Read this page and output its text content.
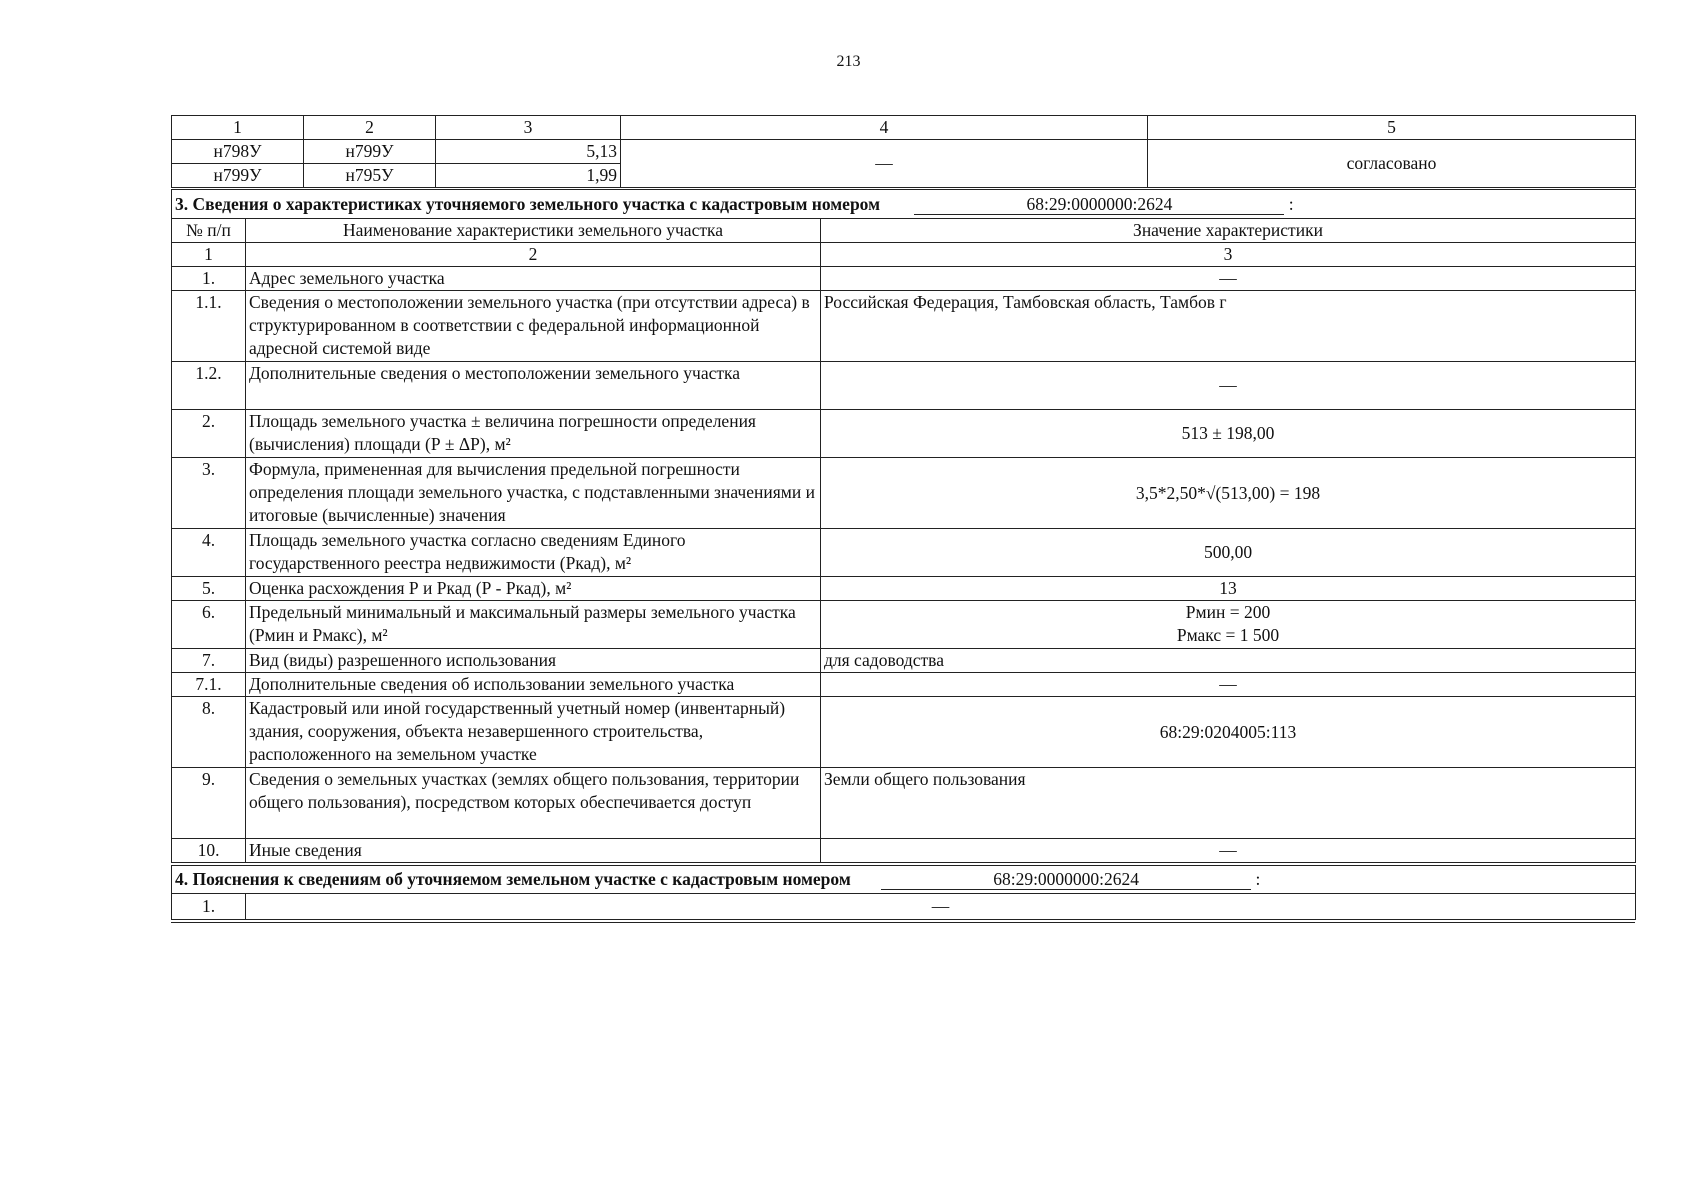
213
1	2	3	4	5
н798У	н799У	5,13	—	согласовано
н799У	н795У	1,99		
3. Сведения о характеристиках уточняемого земельного участка с кадастровым номером 68:29:0000000:2624 :		
№ п/п	Наименование характеристики земельного участка	Значение характеристики
1	2	3
1.	Адрес земельного участка	—
1.1.	Сведения о местоположении земельного участка (при отсутствии адреса) в структурированном в соответствии с федеральной информационной адресной системой виде	Российская Федерация, Тамбовская область, Тамбов г
1.2.	Дополнительные сведения о местоположении земельного участка	—
2.	Площадь земельного участка ± величина погрешности определения (вычисления) площади (Р ± ΔР), м²	513 ± 198,00
3.	Формула, примененная для вычисления предельной погрешности определения площади земельного участка, с подставленными значениями и итоговые (вычисленные) значения	3,5*2,50*√(513,00) = 198
4.	Площадь земельного участка согласно сведениям Единого государственного реестра недвижимости (Ркад), м²	500,00
5.	Оценка расхождения Р и Ркад (Р - Ркад), м²	13
6.	Предельный минимальный и максимальный размеры земельного участка (Рмин и Рмакс), м²	Рмин = 200
Рмакс = 1 500

7.	Вид (виды) разрешенного использования	для садоводства
7.1.	Дополнительные сведения об использовании земельного участка	—
8.	Кадастровый или иной государственный учетный номер (инвентарный) здания, сооружения, объекта незавершенного строительства, расположенного на земельном участке	68:29:0204005:113
9.	Сведения о земельных участках (землях общего пользования, территории общего пользования), посредством которых обеспечивается доступ	Земли общего пользования
10.	Иные сведения	—
4. Пояснения к сведениям об уточняемом земельном участке с кадастровым номером	68:29:0000000:2624	:
1.	—
